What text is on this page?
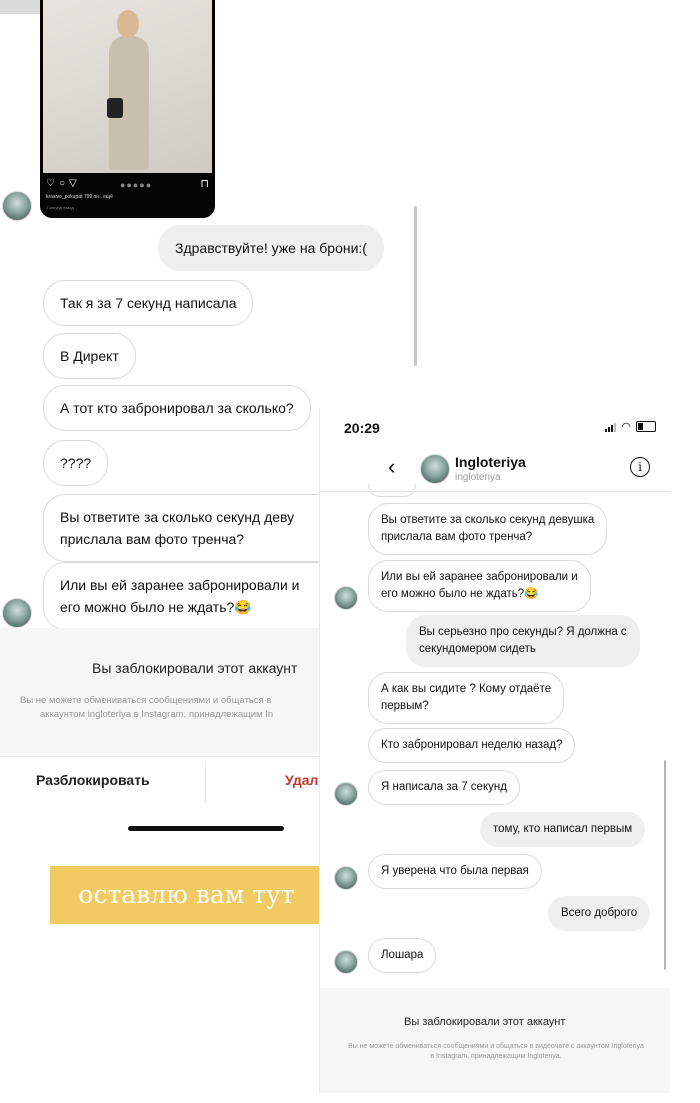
♡○▽	●●●●●	⊓
krasivo_pokupat 799 пн.. ещё
1 секунд назад
Здравствуйте! уже на брони:(
Так я за 7 секунд написала
В Директ
А тот кто забронировал за сколько?
????
Вы ответите за сколько секунд деву
прислала вам фото тренча?
Или вы ей заранее забронировали и
его можно было не ждать?😂
Вы заблокировали этот аккаунт
Вы не можете обмениваться сообщениями и общаться в
аккаунтом ingloteriya в Instagram, принадлежащим In
Разблокировать	Удал
оставлю вам тут
20:29	◠
‹	Ingloteriya
ingloteriya
i
Вы ответите за сколько секунд девушка
прислала вам фото тренча?
Или вы ей заранее забронировали и
его можно было не ждать?😂
Вы серьезно про секунды? Я должна с
секундомером сидеть
А как вы сидите ? Кому отдаёте
первым?
Кто забронировал неделю назад?
Я написала за 7 секунд
тому, кто написал первым
Я уверена что была первая
Всего доброго
Лошара
Вы заблокировали этот аккаунт
Вы не можете обмениваться сообщениями и общаться в видеочате с аккаунтом Ingloteriya в Instagram, принадлежащим Ingloteriya.
